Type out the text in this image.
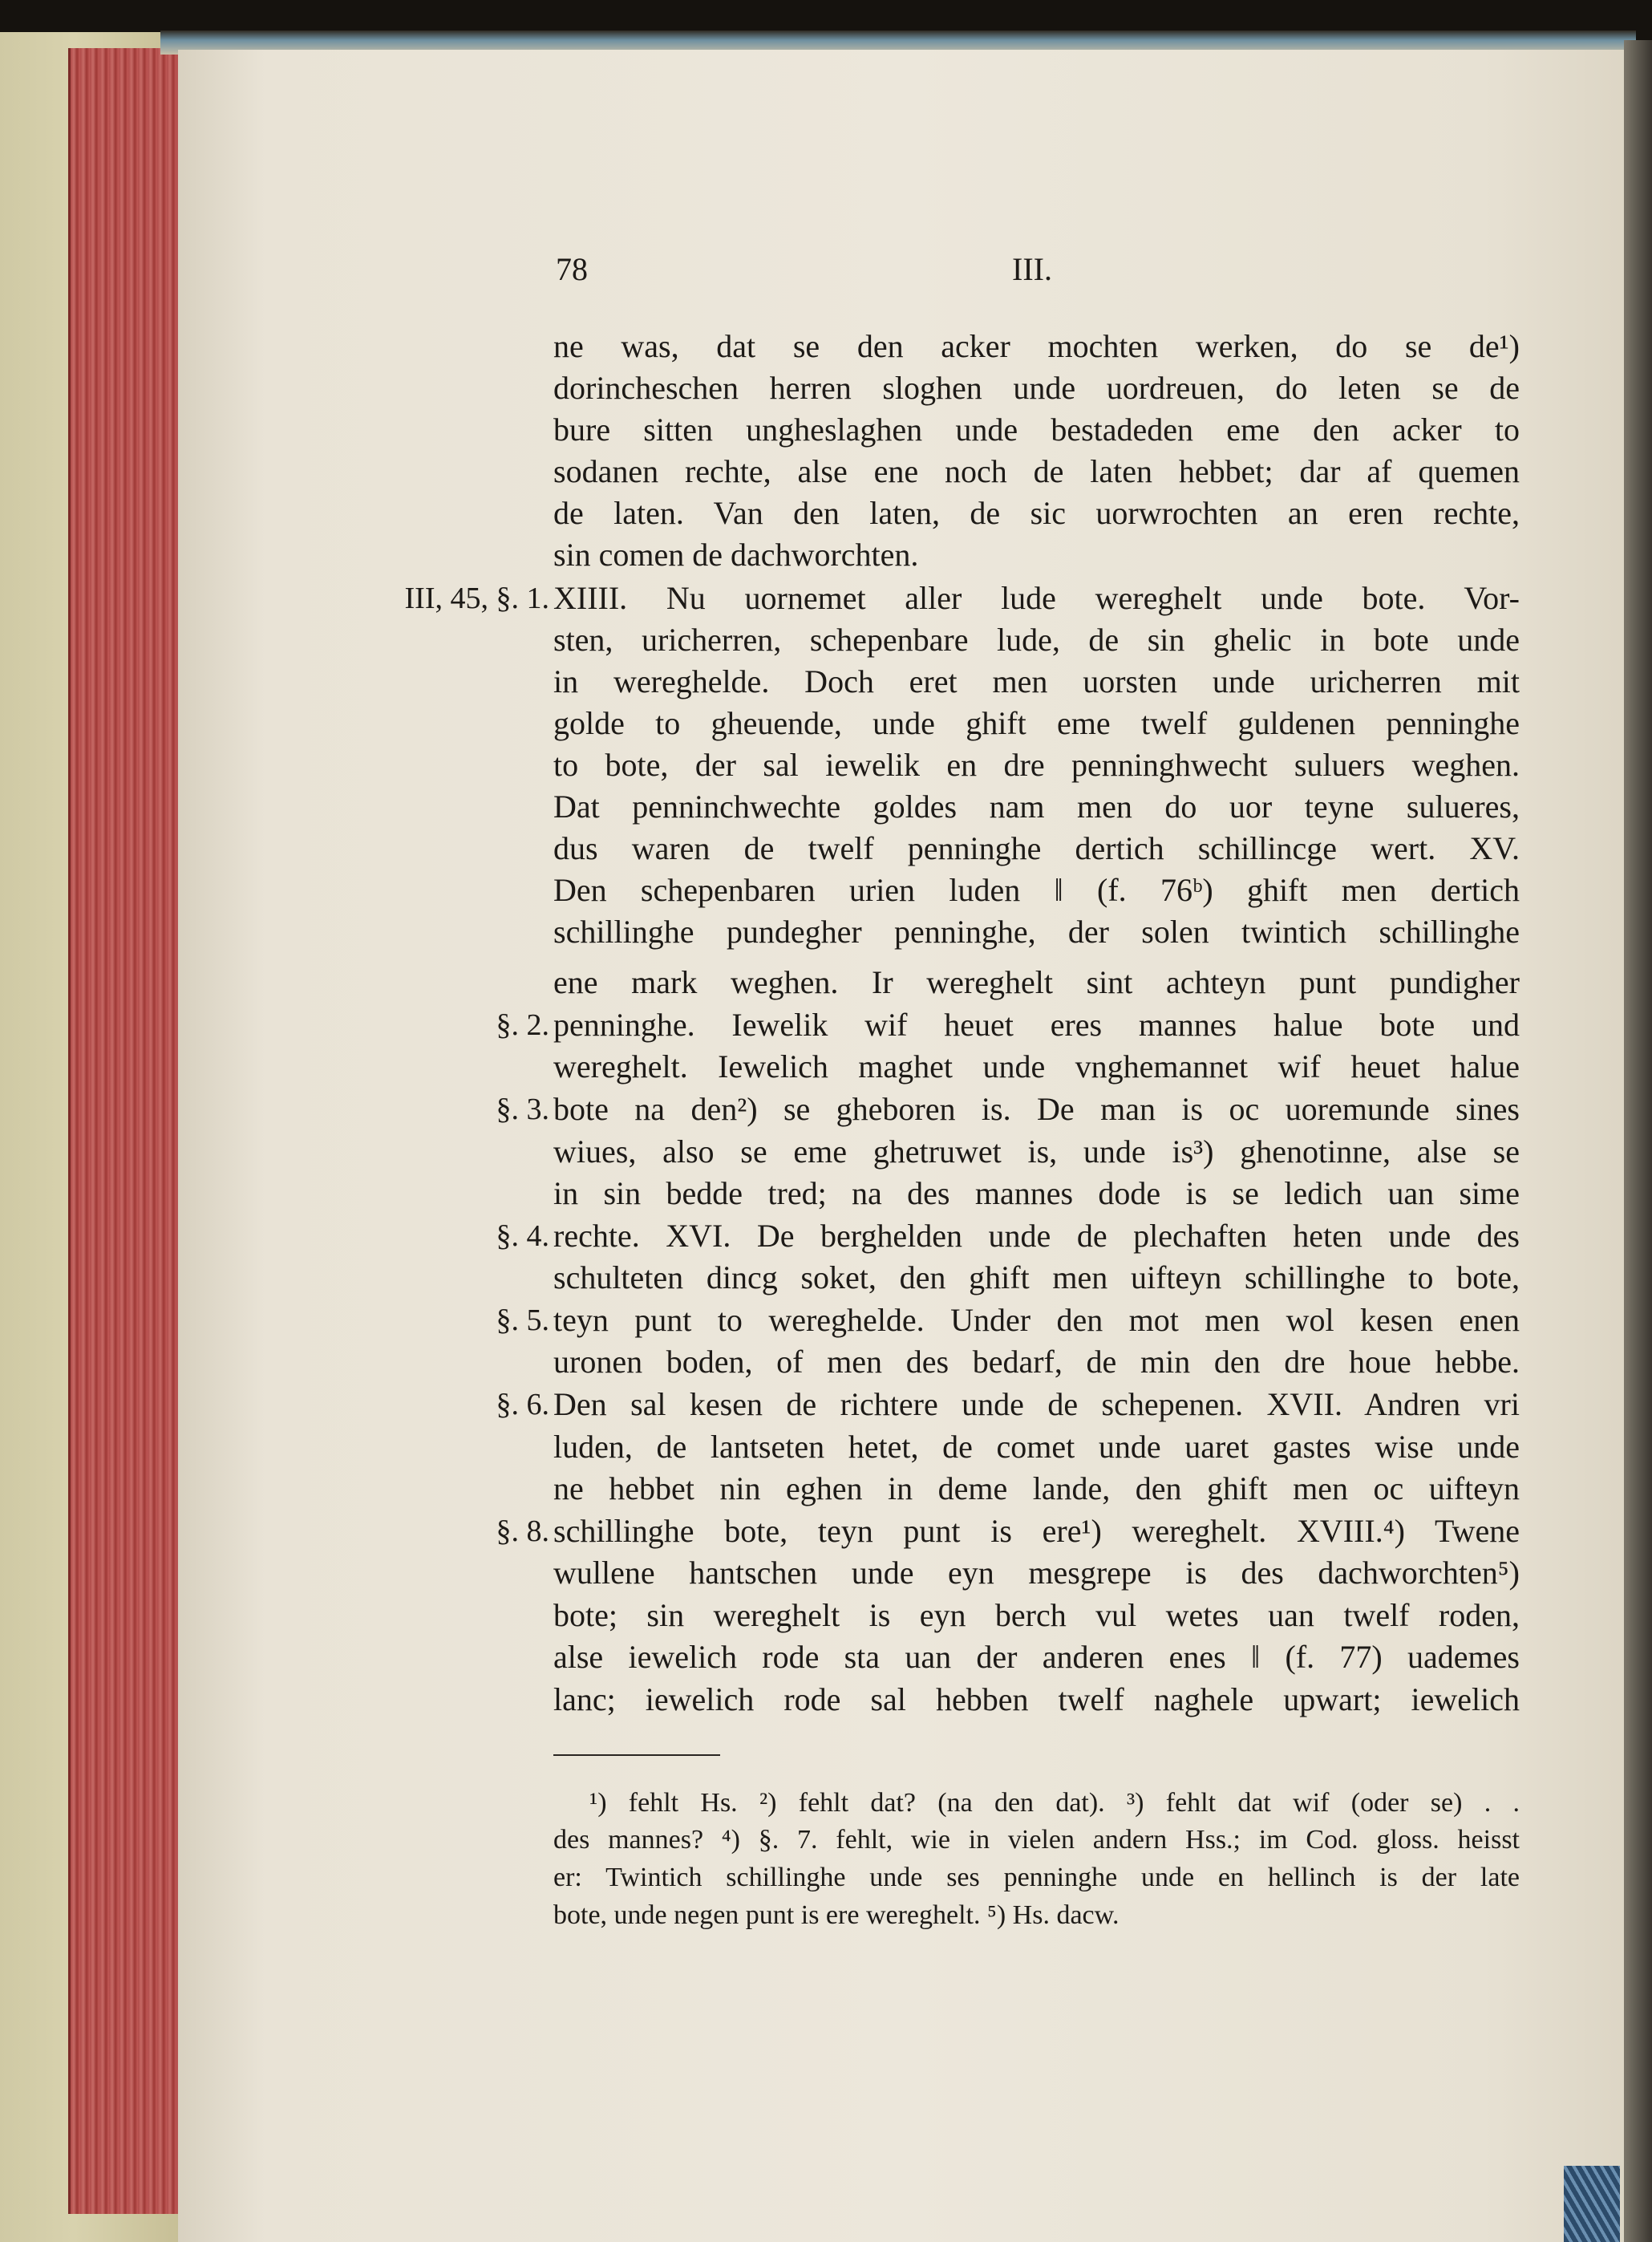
78	III.
III, 45, §. 1.
§. 2.
§. 3.
§. 4.
§. 5.
§. 6.
§. 8.
ne was, dat se den acker mochten werken, do se de¹)
dorincheschen herren sloghen unde uordreuen, do leten se de
bure sitten ungheslaghen unde bestadeden eme den acker to
sodanen rechte, alse ene noch de laten hebbet; dar af quemen
de laten. Van den laten, de sic uorwrochten an eren rechte,
sin comen de dachworchten.
XIIII. Nu uornemet aller lude wereghelt unde bote. Vor-
sten, uricherren, schepenbare lude, de sin ghelic in bote unde
in wereghelde. Doch eret men uorsten unde uricherren mit
golde to gheuende, unde ghift eme twelf guldenen penninghe
to bote, der sal iewelik en dre penninghwecht suluers weghen.
Dat penninchwechte goldes nam men do uor teyne sulueres,
dus waren de twelf penninghe dertich schillincge wert. XV.
Den schepenbaren urien luden ‖ (f. 76ᵇ) ghift men dertich
schillinghe pundegher penninghe, der solen twintich schillinghe
ene mark weghen. Ir wereghelt sint achteyn punt pundigher
penninghe. Iewelik wif heuet eres mannes halue bote und
wereghelt. Iewelich maghet unde vnghemannet wif heuet halue
bote na den²) se gheboren is. De man is oc uoremunde sines
wiues, also se eme ghetruwet is, unde is³) ghenotinne, alse se
in sin bedde tred; na des mannes dode is se ledich uan sime
rechte. XVI. De berghelden unde de plechaften heten unde des
schulteten dincg soket, den ghift men uifteyn schillinghe to bote,
teyn punt to wereghelde. Under den mot men wol kesen enen
uronen boden, of men des bedarf, de min den dre houe hebbe.
Den sal kesen de richtere unde de schepenen. XVII. Andren vri
luden, de lantseten hetet, de comet unde uaret gastes wise unde
ne hebbet nin eghen in deme lande, den ghift men oc uifteyn
schillinghe bote, teyn punt is ere¹) wereghelt. XVIII.⁴) Twene
wullene hantschen unde eyn mesgrepe is des dachworchten⁵)
bote; sin wereghelt is eyn berch vul wetes uan twelf roden,
alse iewelich rode sta uan der anderen enes ‖ (f. 77) uademes
lanc; iewelich rode sal hebben twelf naghele upwart; iewelich
¹) fehlt Hs. ²) fehlt dat? (na den dat). ³) fehlt dat wif (oder se) . .
des mannes? ⁴) §. 7. fehlt, wie in vielen andern Hss.; im Cod. gloss. heisst
er: Twintich schillinghe unde ses penninghe unde en hellinch is der late
bote, unde negen punt is ere wereghelt. ⁵) Hs. dacw.
